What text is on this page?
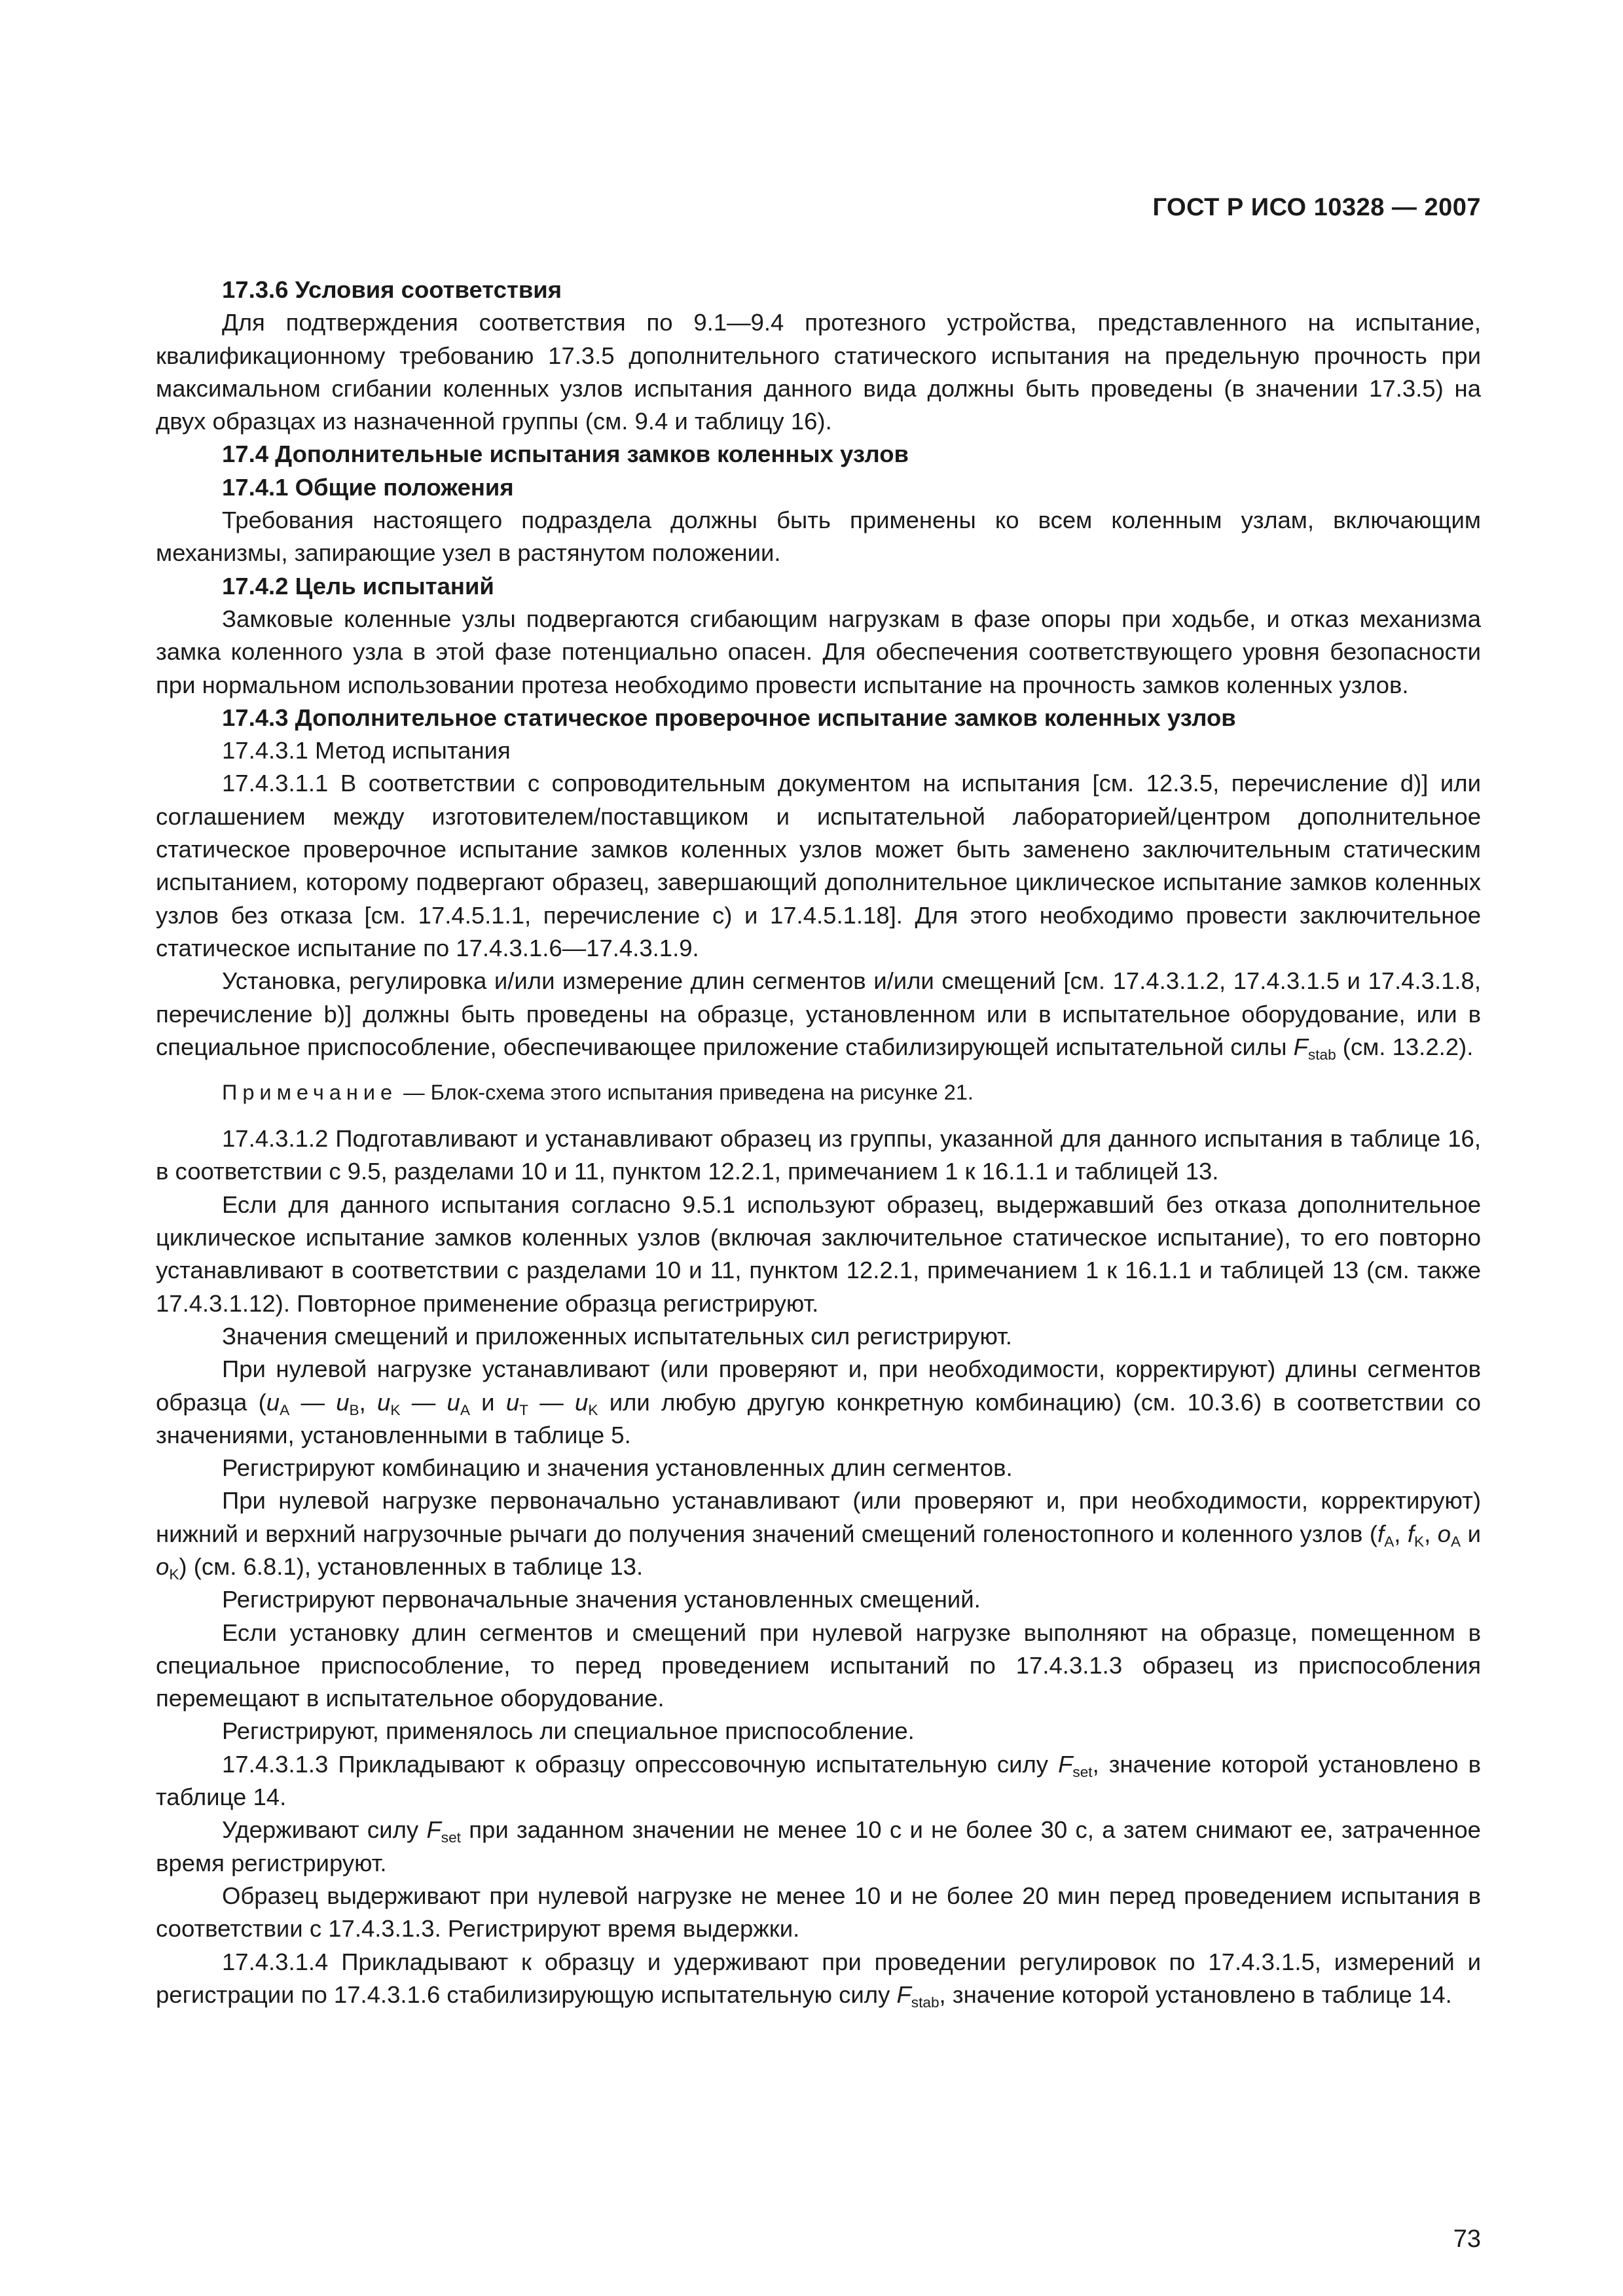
ГОСТ Р ИСО 10328 — 2007

17.3.6 Условия соответствия

Для подтверждения соответствия по 9.1—9.4 протезного устройства, представленного на испытание, квалификационному требованию 17.3.5 дополнительного статического испытания на предельную прочность при максимальном сгибании коленных узлов испытания данного вида должны быть проведены (в значении 17.3.5) на двух образцах из назначенной группы (см. 9.4 и таблицу 16).

17.4 Дополнительные испытания замков коленных узлов

17.4.1 Общие положения

Требования настоящего подраздела должны быть применены ко всем коленным узлам, включающим механизмы, запирающие узел в растянутом положении.

17.4.2 Цель испытаний

Замковые коленные узлы подвергаются сгибающим нагрузкам в фазе опоры при ходьбе, и отказ механизма замка коленного узла в этой фазе потенциально опасен. Для обеспечения соответствующего уровня безопасности при нормальном использовании протеза необходимо провести испытание на прочность замков коленных узлов.

17.4.3 Дополнительное статическое проверочное испытание замков коленных узлов

17.4.3.1 Метод испытания

17.4.3.1.1 В соответствии с сопроводительным документом на испытания [см. 12.3.5, перечисление d)] или соглашением между изготовителем/поставщиком и испытательной лабораторией/центром дополнительное статическое проверочное испытание замков коленных узлов может быть заменено заключительным статическим испытанием, которому подвергают образец, завершающий дополнительное циклическое испытание замков коленных узлов без отказа [см. 17.4.5.1.1, перечисление с) и 17.4.5.1.18]. Для этого необходимо провести заключительное статическое испытание по 17.4.3.1.6—17.4.3.1.9.

Установка, регулировка и/или измерение длин сегментов и/или смещений [см. 17.4.3.1.2, 17.4.3.1.5 и 17.4.3.1.8, перечисление b)] должны быть проведены на образце, установленном или в испытательное оборудование, или в специальное приспособление, обеспечивающее приложение стабилизирующей испытательной силы $F_{stab}$ (см. 13.2.2).

Примечание — Блок-схема этого испытания приведена на рисунке 21.

17.4.3.1.2 Подготавливают и устанавливают образец из группы, указанной для данного испытания в таблице 16, в соответствии с 9.5, разделами 10 и 11, пунктом 12.2.1, примечанием 1 к 16.1.1 и таблицей 13.

Если для данного испытания согласно 9.5.1 используют образец, выдержавший без отказа дополнительное циклическое испытание замков коленных узлов (включая заключительное статическое испытание), то его повторно устанавливают в соответствии с разделами 10 и 11, пунктом 12.2.1, примечанием 1 к 16.1.1 и таблицей 13 (см. также 17.4.3.1.12). Повторное применение образца регистрируют.

Значения смещений и приложенных испытательных сил регистрируют.

При нулевой нагрузке устанавливают (или проверяют и, при необходимости, корректируют) длины сегментов образца ($u_A$ — $u_B$, $u_K$ — $u_A$ и $u_T$ — $u_K$ или любую другую конкретную комбинацию) (см. 10.3.6) в соответствии со значениями, установленными в таблице 5.

Регистрируют комбинацию и значения установленных длин сегментов.

При нулевой нагрузке первоначально устанавливают (или проверяют и, при необходимости, корректируют) нижний и верхний нагрузочные рычаги до получения значений смещений голеностопного и коленного узлов ($f_A$, $f_K$, $o_A$ и $o_K$) (см. 6.8.1), установленных в таблице 13.

Регистрируют первоначальные значения установленных смещений.

Если установку длин сегментов и смещений при нулевой нагрузке выполняют на образце, помещенном в специальное приспособление, то перед проведением испытаний по 17.4.3.1.3 образец из приспособления перемещают в испытательное оборудование.

Регистрируют, применялось ли специальное приспособление.

17.4.3.1.3 Прикладывают к образцу опрессовочную испытательную силу $F_{set}$, значение которой установлено в таблице 14.

Удерживают силу $F_{set}$ при заданном значении не менее 10 с и не более 30 с, а затем снимают ее, затраченное время регистрируют.

Образец выдерживают при нулевой нагрузке не менее 10 и не более 20 мин перед проведением испытания в соответствии с 17.4.3.1.3. Регистрируют время выдержки.

17.4.3.1.4 Прикладывают к образцу и удерживают при проведении регулировок по 17.4.3.1.5, измерений и регистрации по 17.4.3.1.6 стабилизирующую испытательную силу $F_{stab}$, значение которой установлено в таблице 14.

73
